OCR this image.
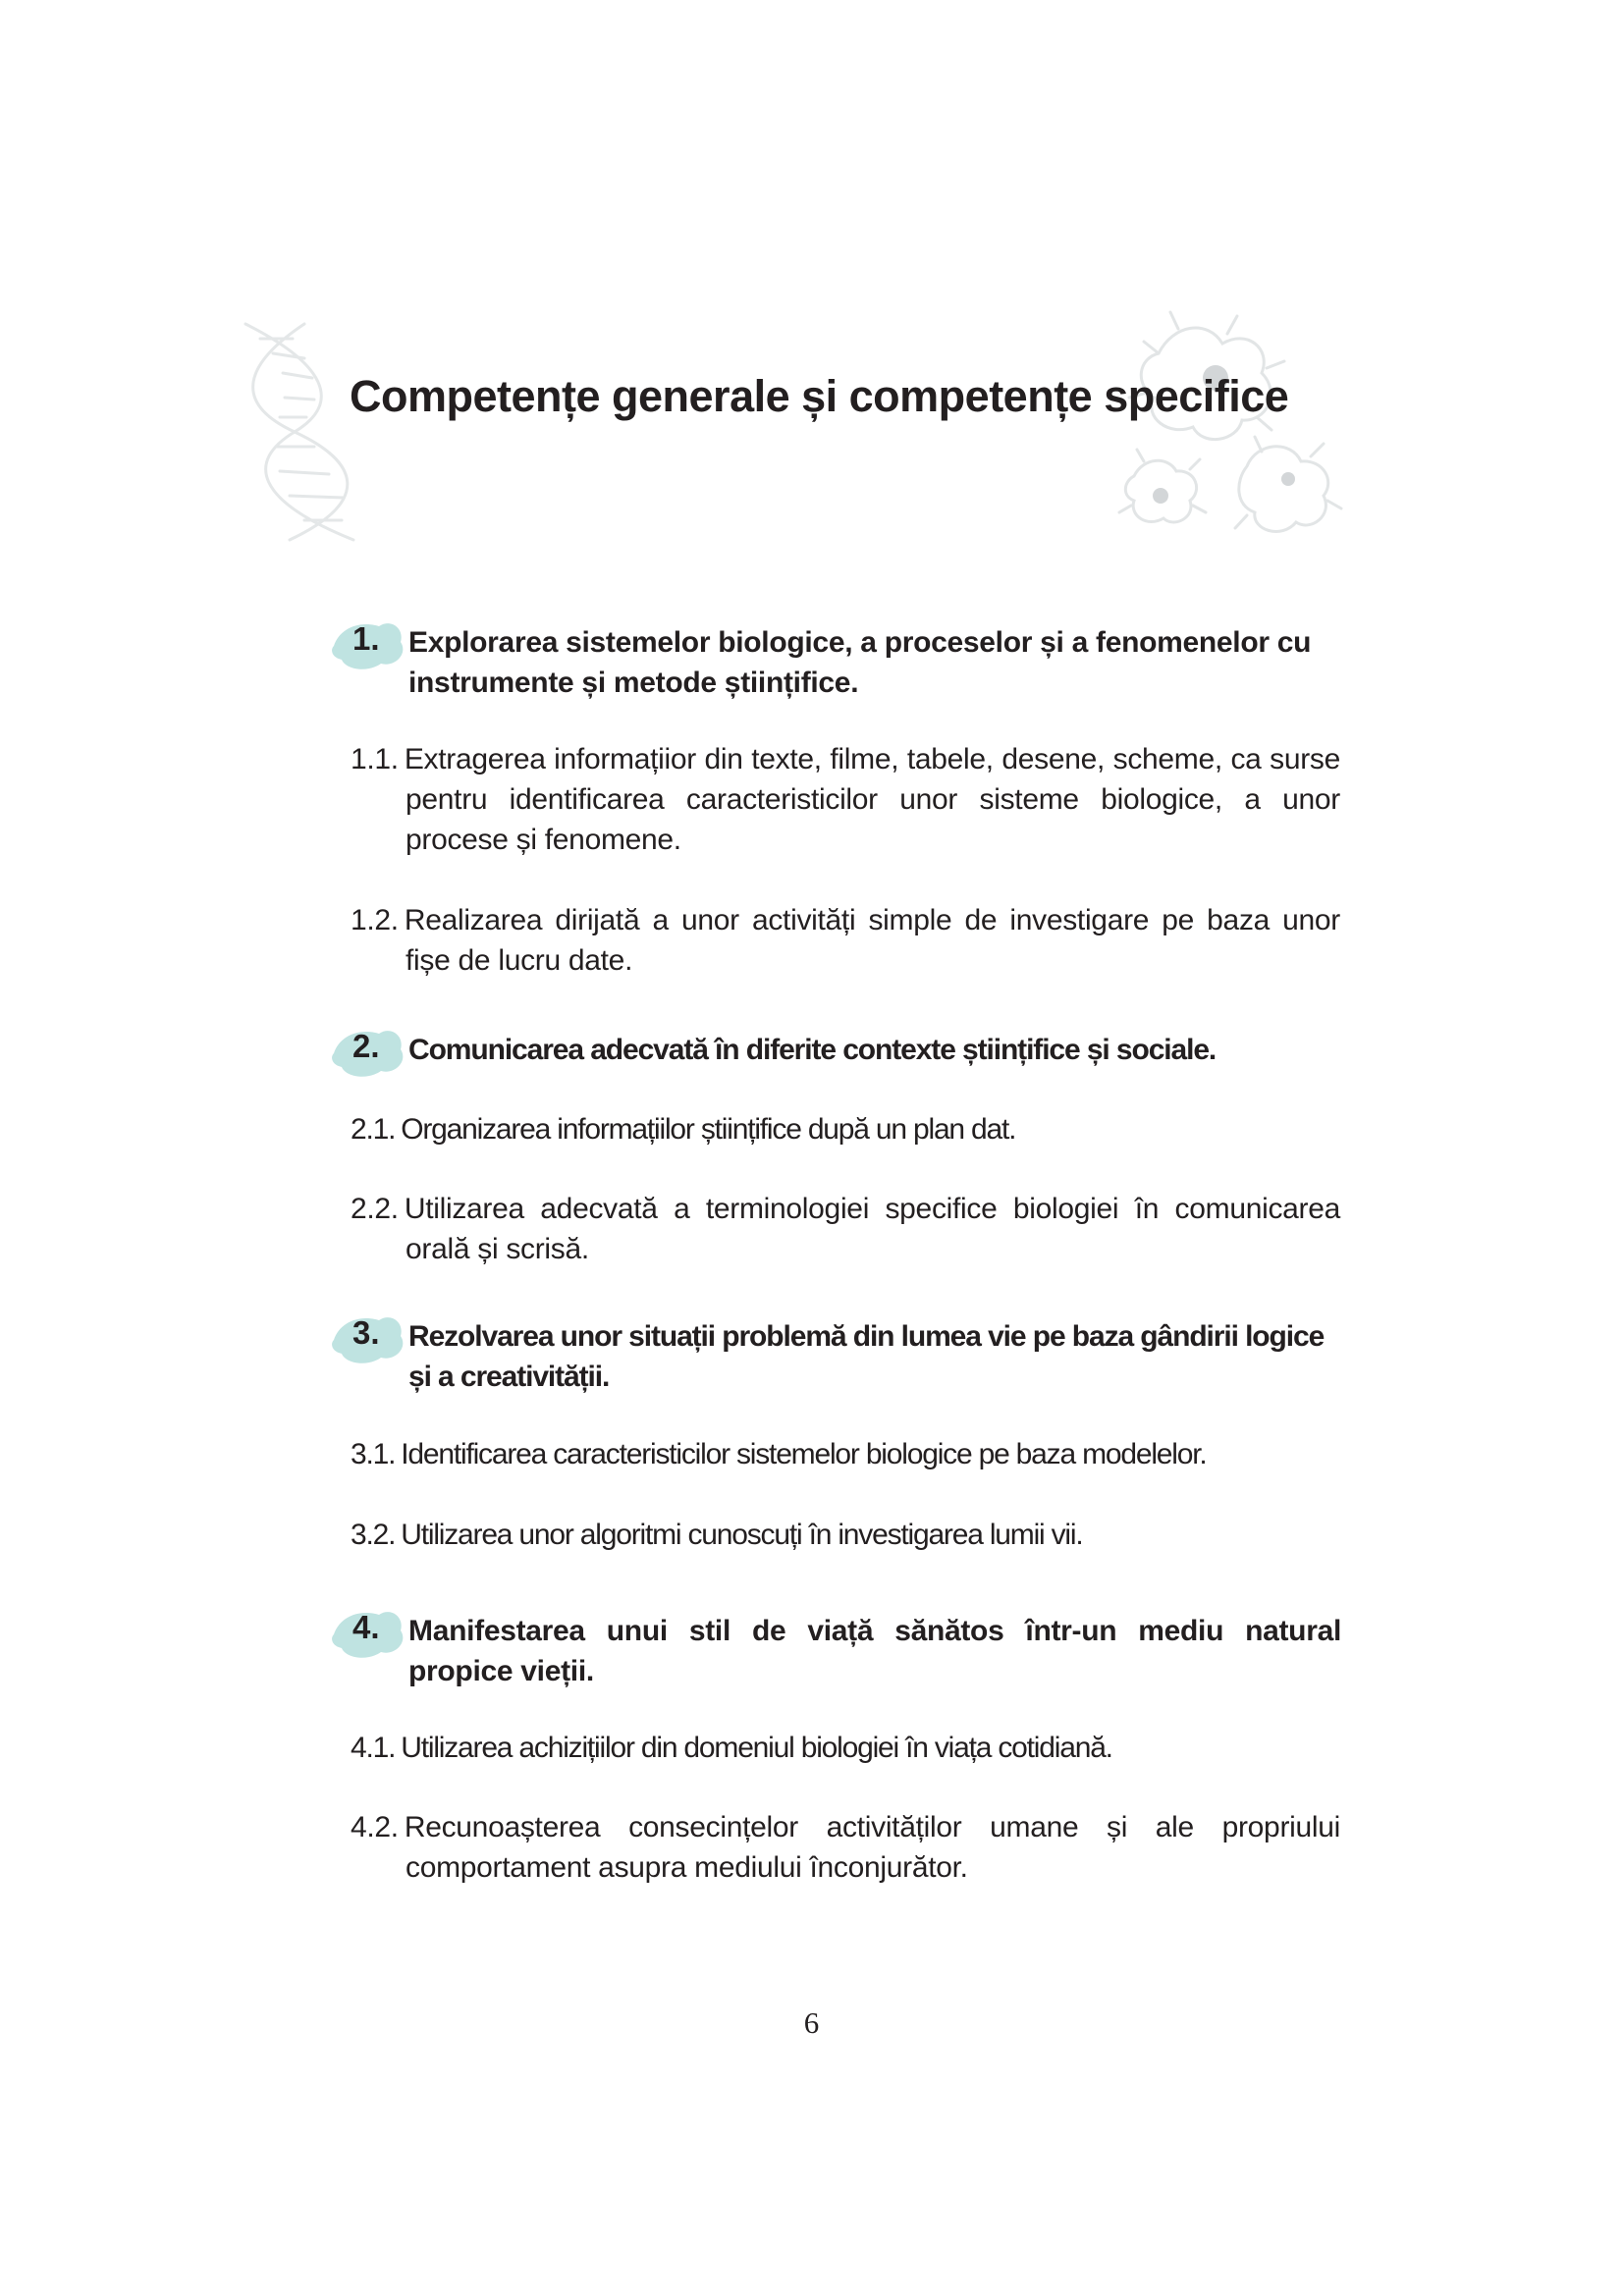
Competențe generale și competențe specifice
1. Explorarea sistemelor biologice, a proceselor și a fenomenelor cu instrumente și metode științifice.
1.1. Extragerea informațiior din texte, filme, tabele, desene, scheme, ca surse pentru identificarea caracteristicilor unor sisteme biologice, a unor procese și fenomene.
1.2. Realizarea dirijată a unor activități simple de investigare pe baza unor fișe de lucru date.
2. Comunicarea adecvată în diferite contexte științifice și sociale.
2.1. Organizarea informațiilor științifice după un plan dat.
2.2. Utilizarea adecvată a terminologiei specifice biologiei în comunicarea orală și scrisă.
3. Rezolvarea unor situații problemă din lumea vie pe baza gândirii logice și a creativității.
3.1. Identificarea caracteristicilor sistemelor biologice pe baza modelelor.
3.2. Utilizarea unor algoritmi cunoscuți în investigarea lumii vii.
4. Manifestarea unui stil de viață sănătos într-un mediu natural propice vieții.
4.1. Utilizarea achizițiilor din domeniul biologiei în viața cotidiană.
4.2. Recunoașterea consecințelor activităților umane și ale propriului comportament asupra mediului înconjurător.
6
